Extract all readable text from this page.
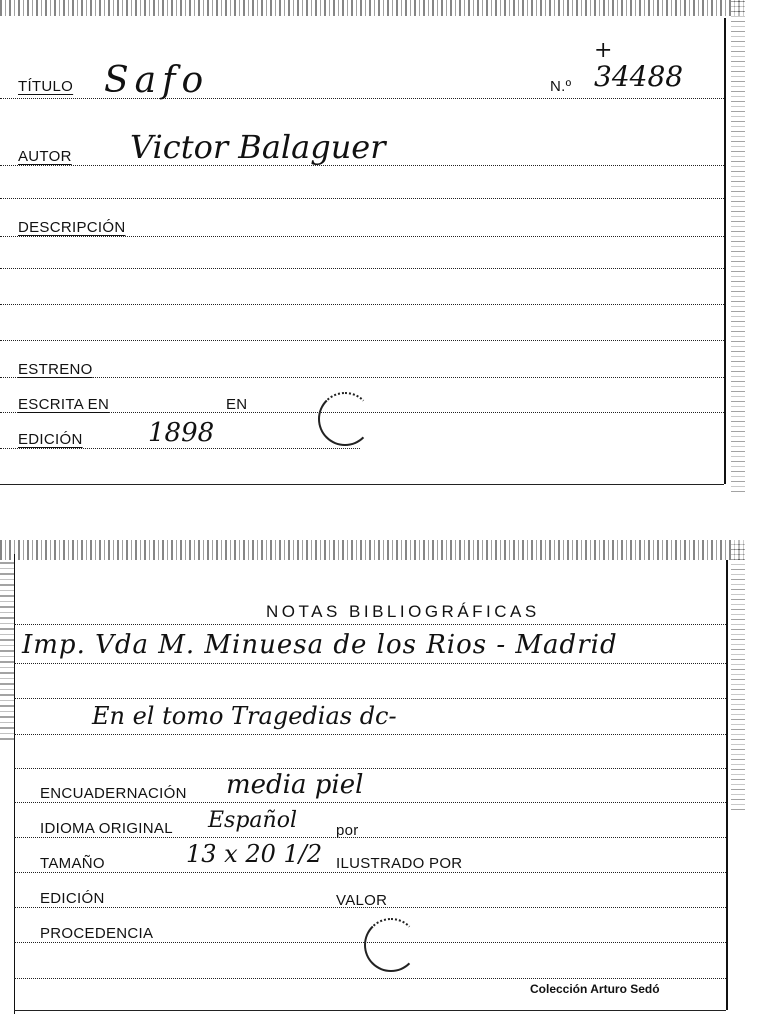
TÍTULO Safo	N.º 34488
+
AUTOR Victor Balaguer
DESCRIPCIÓN
ESTRENO
ESCRITA EN	EN
EDICIÓN	1898
NOTAS BIBLIOGRÁFICAS
Imp. Vda M. Minuesa de los Rios - Madrid
En el tomo Tragedias dc-
ENCUADERNACIÓN media piel
IDIOMA ORIGINAL Español	por
TAMAÑO	13 x 20 1/2 ILUSTRADO POR
EDICIÓN	VALOR
PROCEDENCIA
Colección Arturo Sedó
